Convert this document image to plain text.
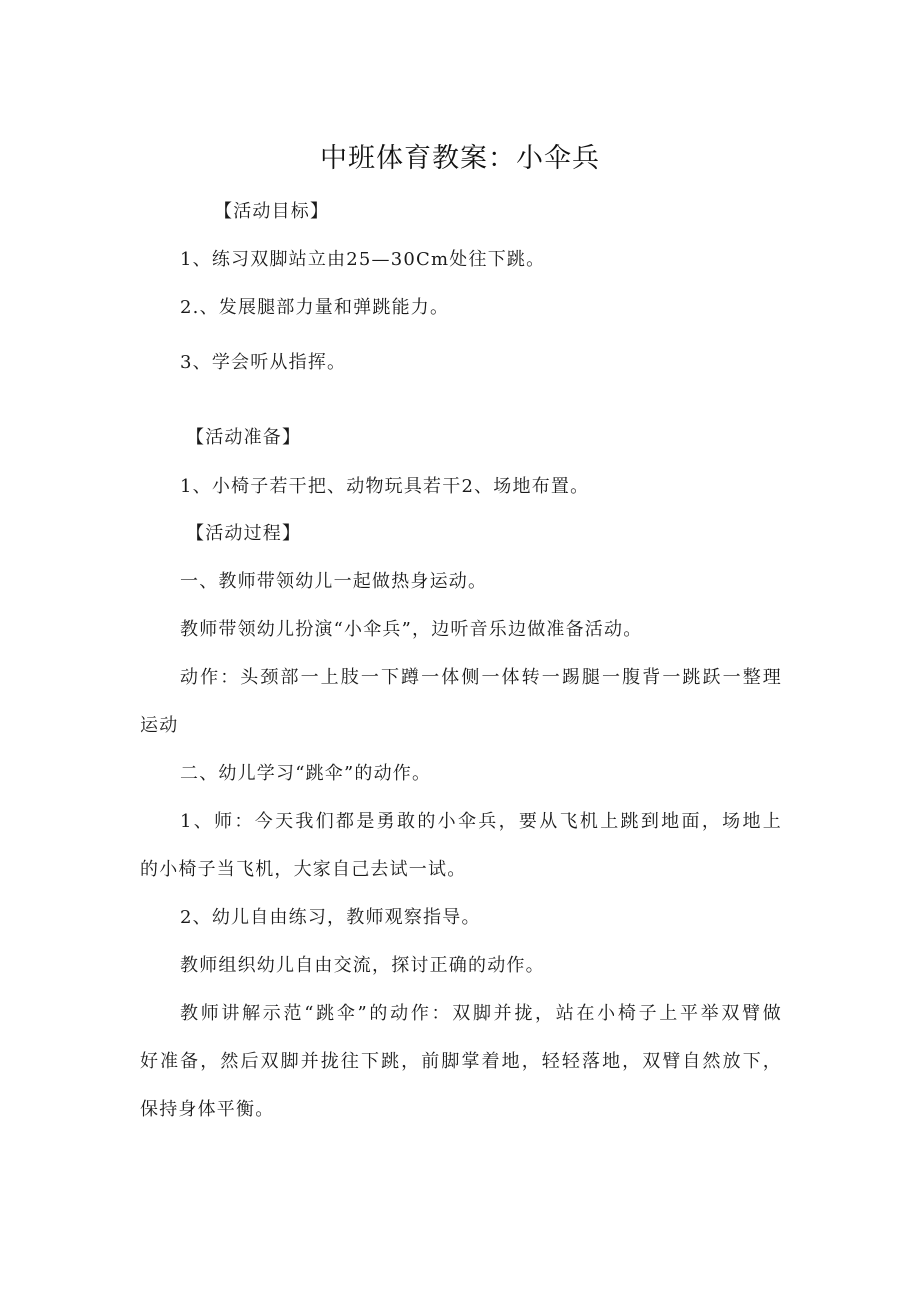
中班体育教案：小伞兵
【活动目标】
1、练习双脚站立由25—30Cm处往下跳。
2.、发展腿部力量和弹跳能力。
3、学会听从指挥。
【活动准备】
1、小椅子若干把、动物玩具若干2、场地布置。
【活动过程】
一、教师带领幼儿一起做热身运动。
教师带领幼儿扮演“小伞兵”，边听音乐边做准备活动。
动作：头颈部一上肢一下蹲一体侧一体转一踢腿一腹背一跳跃一整理
运动
二、幼儿学习“跳伞”的动作。
1、师：今天我们都是勇敢的小伞兵，要从飞机上跳到地面，场地上
的小椅子当飞机，大家自己去试一试。
2、幼儿自由练习，教师观察指导。
教师组织幼儿自由交流，探讨正确的动作。
教师讲解示范“跳伞”的动作：双脚并拢，站在小椅子上平举双臂做
好准备，然后双脚并拢往下跳，前脚掌着地，轻轻落地，双臂自然放下，
保持身体平衡。
